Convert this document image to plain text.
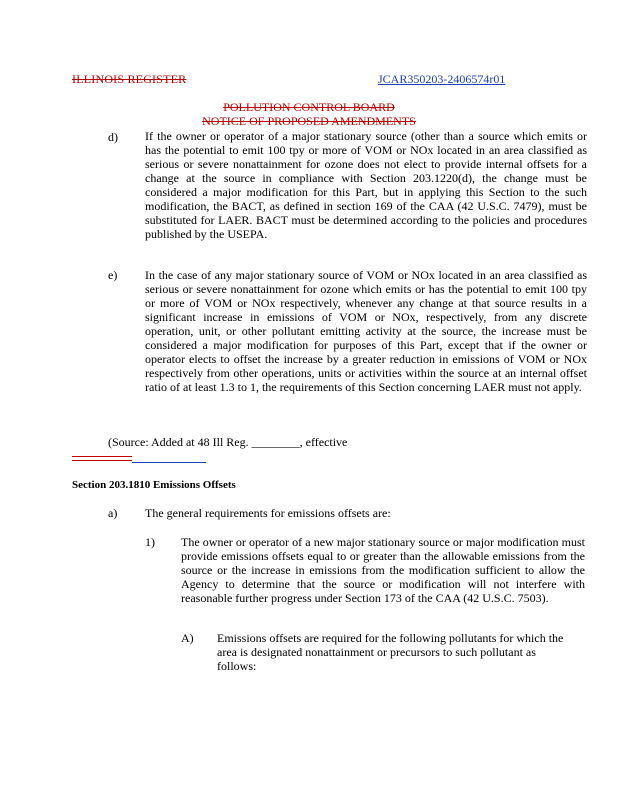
ILLINOIS REGISTER	JCAR350203-2406574r01
POLLUTION CONTROL BOARD
NOTICE OF PROPOSED AMENDMENTS
d) If the owner or operator of a major stationary source (other than a source which emits or has the potential to emit 100 tpy or more of VOM or NOx located in an area classified as serious or severe nonattainment for ozone does not elect to provide internal offsets for a change at the source in compliance with Section 203.1220(d), the change must be considered a major modification for this Part, but in applying this Section to the such modification, the BACT, as defined in section 169 of the CAA (42 U.S.C. 7479), must be substituted for LAER. BACT must be determined according to the policies and procedures published by the USEPA.
e) In the case of any major stationary source of VOM or NOx located in an area classified as serious or severe nonattainment for ozone which emits or has the potential to emit 100 tpy or more of VOM or NOx respectively, whenever any change at that source results in a significant increase in emissions of VOM or NOx, respectively, from any discrete operation, unit, or other pollutant emitting activity at the source, the increase must be considered a major modification for purposes of this Part, except that if the owner or operator elects to offset the increase by a greater reduction in emissions of VOM or NOx respectively from other operations, units or activities within the source at an internal offset ratio of at least 1.3 to 1, the requirements of this Section concerning LAER must not apply.
(Source: Added at 48 Ill Reg. ________, effective
______________)
Section 203.1810 Emissions Offsets
a) The general requirements for emissions offsets are:
1) The owner or operator of a new major stationary source or major modification must provide emissions offsets equal to or greater than the allowable emissions from the source or the increase in emissions from the modification sufficient to allow the Agency to determine that the source or modification will not interfere with reasonable further progress under Section 173 of the CAA (42 U.S.C. 7503).
A) Emissions offsets are required for the following pollutants for which the area is designated nonattainment or precursors to such pollutant as follows:
